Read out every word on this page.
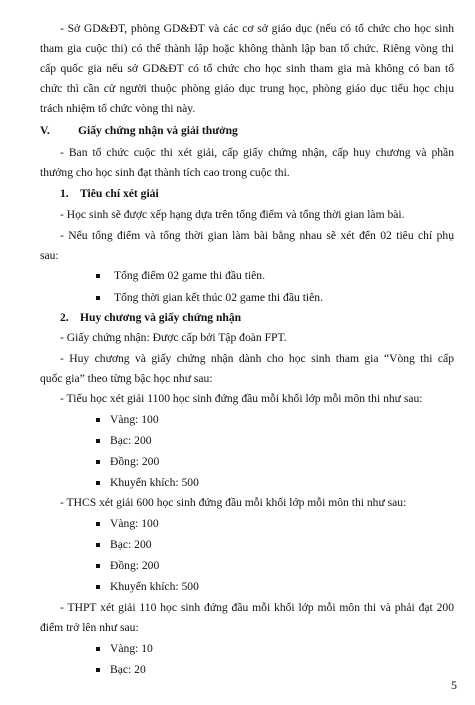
- Sở GD&ĐT, phòng GD&ĐT và các cơ sở giáo dục (nếu có tổ chức cho học sinh
tham gia cuộc thi) có thể thành lập hoặc không thành lập ban tổ chức. Riêng vòng thi
cấp quốc gia nếu sở GD&ĐT có tổ chức cho học sinh tham gia mà không có ban tổ
chức thì cần cử người thuộc phòng giáo dục trung học, phòng giáo dục tiểu học chịu
trách nhiệm tổ chức vòng thi này.
V. Giấy chứng nhận và giải thưởng
- Ban tổ chức cuộc thi xét giải, cấp giấy chứng nhận, cấp huy chương và phần
thưởng cho học sinh đạt thành tích cao trong cuộc thi.
1. Tiêu chí xét giải
- Học sinh sẽ được xếp hạng dựa trên tổng điểm và tổng thời gian làm bài.
- Nếu tổng điểm và tổng thời gian làm bài bằng nhau sẽ xét đến 02 tiêu chí phụ
sau:
Tổng điểm 02 game thi đầu tiên.
Tổng thời gian kết thúc 02 game thi đầu tiên.
2. Huy chương và giấy chứng nhận
- Giấy chứng nhận: Được cấp bởi Tập đoàn FPT.
- Huy chương và giấy chứng nhận dành cho học sinh tham gia “Vòng thi cấp
quốc gia” theo từng bậc học như sau:
- Tiểu học xét giải 1100 học sinh đứng đầu mỗi khối lớp mỗi môn thi như sau:
Vàng: 100
Bạc: 200
Đồng: 200
Khuyến khích: 500
- THCS xét giải 600 học sinh đứng đầu mỗi khối lớp mỗi môn thi như sau:
Vàng: 100
Bạc: 200
Đồng: 200
Khuyến khích: 500
- THPT xét giải 110 học sinh đứng đầu mỗi khối lớp mỗi môn thi và phải đạt 200
điểm trở lên như sau:
Vàng: 10
Bạc: 20
5
